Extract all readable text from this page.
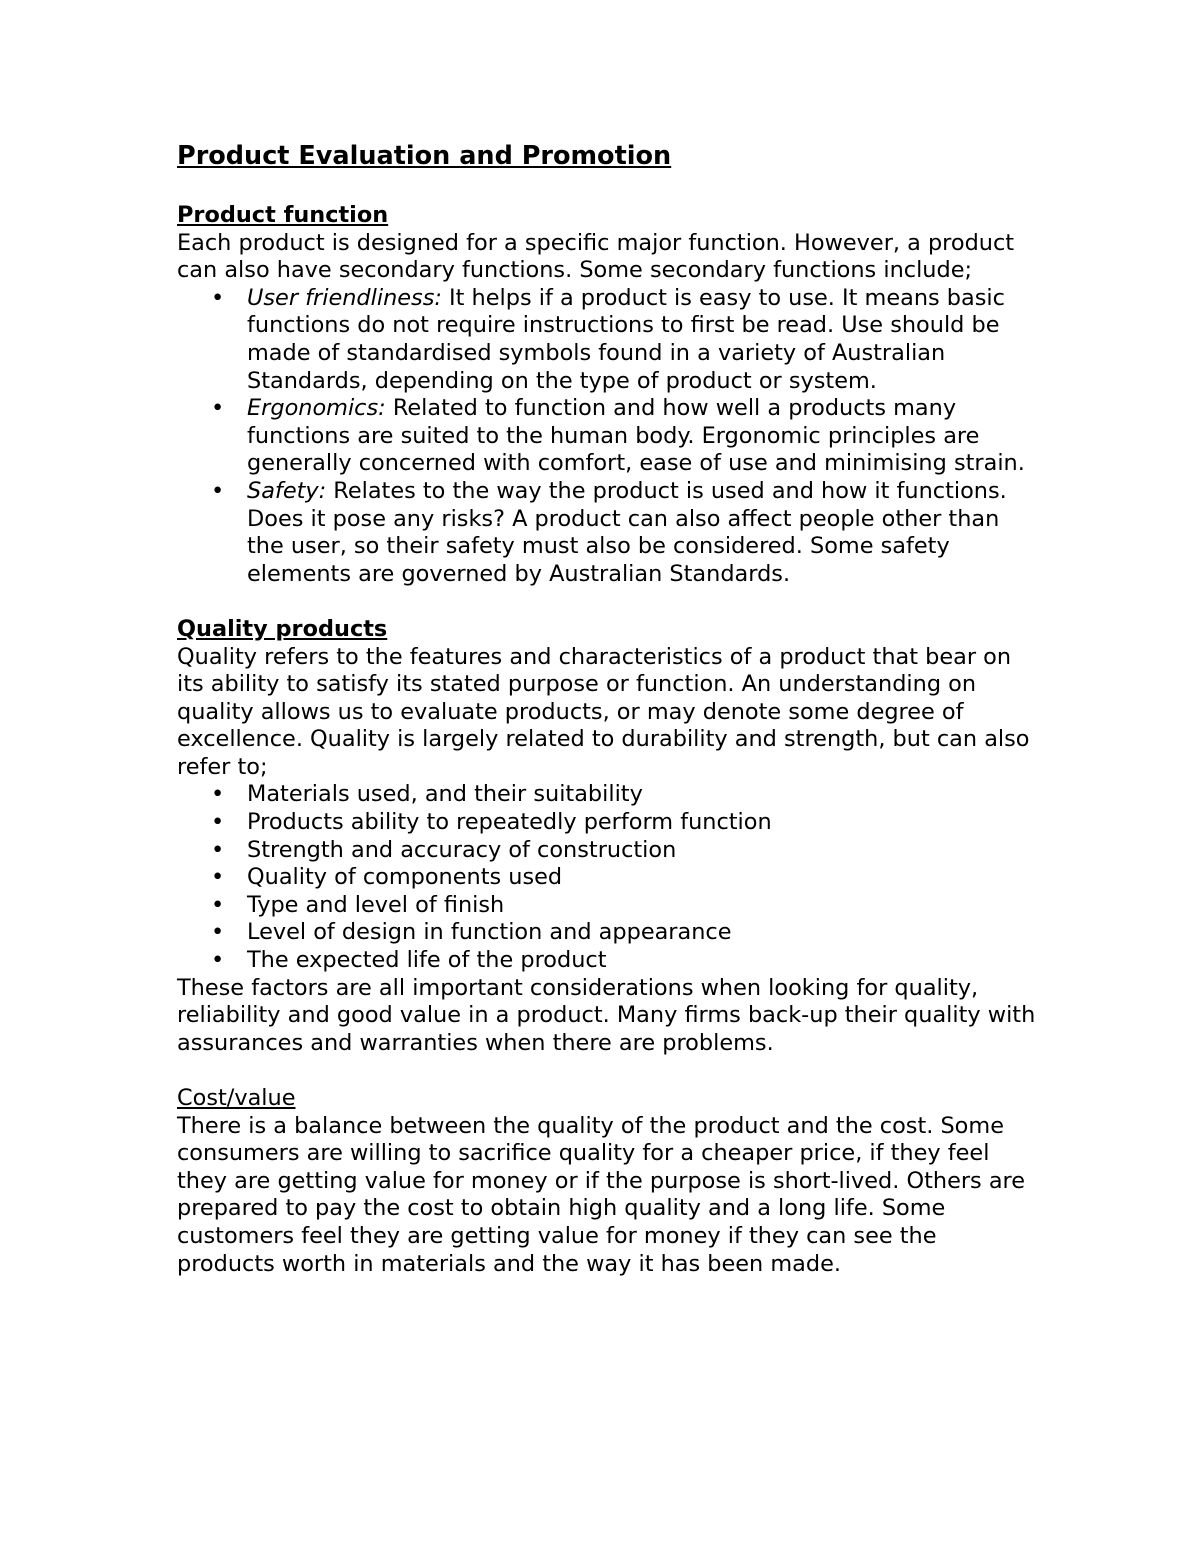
Product Evaluation and Promotion
Product function

Each product is designed for a specific major function. However, a product can also have secondary functions. Some secondary functions include;

• User friendliness: It helps if a product is easy to use. It means basic functions do not require instructions to first be read. Use should be made of standardised symbols found in a variety of Australian Standards, depending on the type of product or system.
• Ergonomics: Related to function and how well a products many functions are suited to the human body. Ergonomic principles are generally concerned with comfort, ease of use and minimising strain.
• Safety: Relates to the way the product is used and how it functions. Does it pose any risks? A product can also affect people other than the user, so their safety must also be considered. Some safety elements are governed by Australian Standards.
Quality products

Quality refers to the features and characteristics of a product that bear on its ability to satisfy its stated purpose or function. An understanding on quality allows us to evaluate products, or may denote some degree of excellence. Quality is largely related to durability and strength, but can also refer to;

• Materials used, and their suitability
• Products ability to repeatedly perform function
• Strength and accuracy of construction
• Quality of components used
• Type and level of finish
• Level of design in function and appearance
• The expected life of the product

These factors are all important considerations when looking for quality, reliability and good value in a product. Many firms back-up their quality with assurances and warranties when there are problems.

Cost/value

There is a balance between the quality of the product and the cost. Some consumers are willing to sacrifice quality for a cheaper price, if they feel they are getting value for money or if the purpose is short-lived. Others are prepared to pay the cost to obtain high quality and a long life. Some customers feel they are getting value for money if they can see the products worth in materials and the way it has been made.
